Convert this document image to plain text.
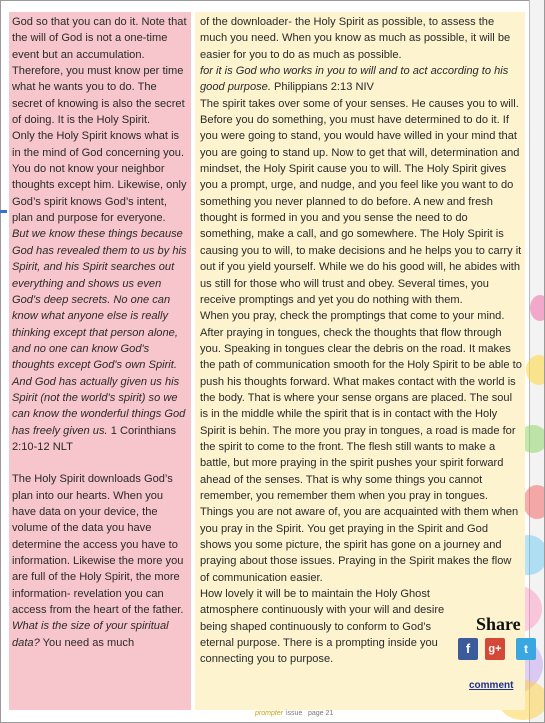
God so that you can do it. Note that the will of God is not a one-time event but an accumulation. Therefore, you must know per time what he wants you to do. The secret of knowing is also the secret of doing. It is the Holy Spirit.

Only the Holy Spirit knows what is in the mind of God concerning you. You do not know your neighbor thoughts except him. Likewise, only God’s spirit knows God’s intent, plan and purpose for everyone.

But we know these things because God has revealed them to us by his Spirit, and his Spirit searches out everything and shows us even God's deep secrets. No one can know what anyone else is really thinking except that person alone, and no one can know God's thoughts except God's own Spirit. And God has actually given us his Spirit (not the world's spirit) so we can know the wonderful things God has freely given us. 1 Corinthians 2:10-12 NLT

The Holy Spirit downloads God’s plan into our hearts. When you have data on your device, the volume of the data you have determine the access you have to information. Likewise the more you are full of the Holy Spirit, the more information- revelation you can access from the heart of the father. What is the size of your spiritual data? You need as much

of the downloader- the Holy Spirit as possible, to assess the much you need. When you know as much as possible, it will be easier for you to do as much as possible.

for it is God who works in you to will and to act according to his good purpose. Philippians 2:13 NIV

The spirit takes over some of your senses. He causes you to will. Before you do something, you must have determined to do it. If you were going to stand, you would have willed in your mind that you are going to stand up. Now to get that will, determination and mindset, the Holy Spirit cause you to will. The Holy Spirit gives you a prompt, urge, and nudge, and you feel like you want to do something you never planned to do before. A new and fresh thought is formed in you and you sense the need to do something, make a call, and go somewhere. The Holy Spirit is causing you to will, to make decisions and he helps you to carry it out if you yield yourself. While we do his good will, he abides with us still for those who will trust and obey. Several times, you receive promptings and yet you do nothing with them.

When you pray, check the promptings that come to your mind. After praying in tongues, check the thoughts that flow through you. Speaking in tongues clear the debris on the road. It makes the path of communication smooth for the Holy Spirit to be able to push his thoughts forward. What makes contact with the world is the body. That is where your sense organs are placed. The soul is in the middle while the spirit that is in contact with the Holy Spirit is behin. The more you pray in tongues, a road is made for the spirit to come to the front. The flesh still wants to make a battle, but more praying in the spirit pushes your spirit forward ahead of the senses. That is why some things you cannot remember, you remember them when you pray in tongues. Things you are not aware of, you are acquainted with them when you pray in the Spirit. You get praying in the Spirit and God shows you some picture, the spirit has gone on a journey and praying about those issues. Praying in the Spirit makes the flow of communication easier.

How lovely it will be to maintain the Holy Ghost atmosphere continuously with your will and desire being shaped continuously to conform to God’s eternal purpose. There is a prompting inside you connecting you to purpose.

Share
f	g+	t
comment
prompter issue page 21
